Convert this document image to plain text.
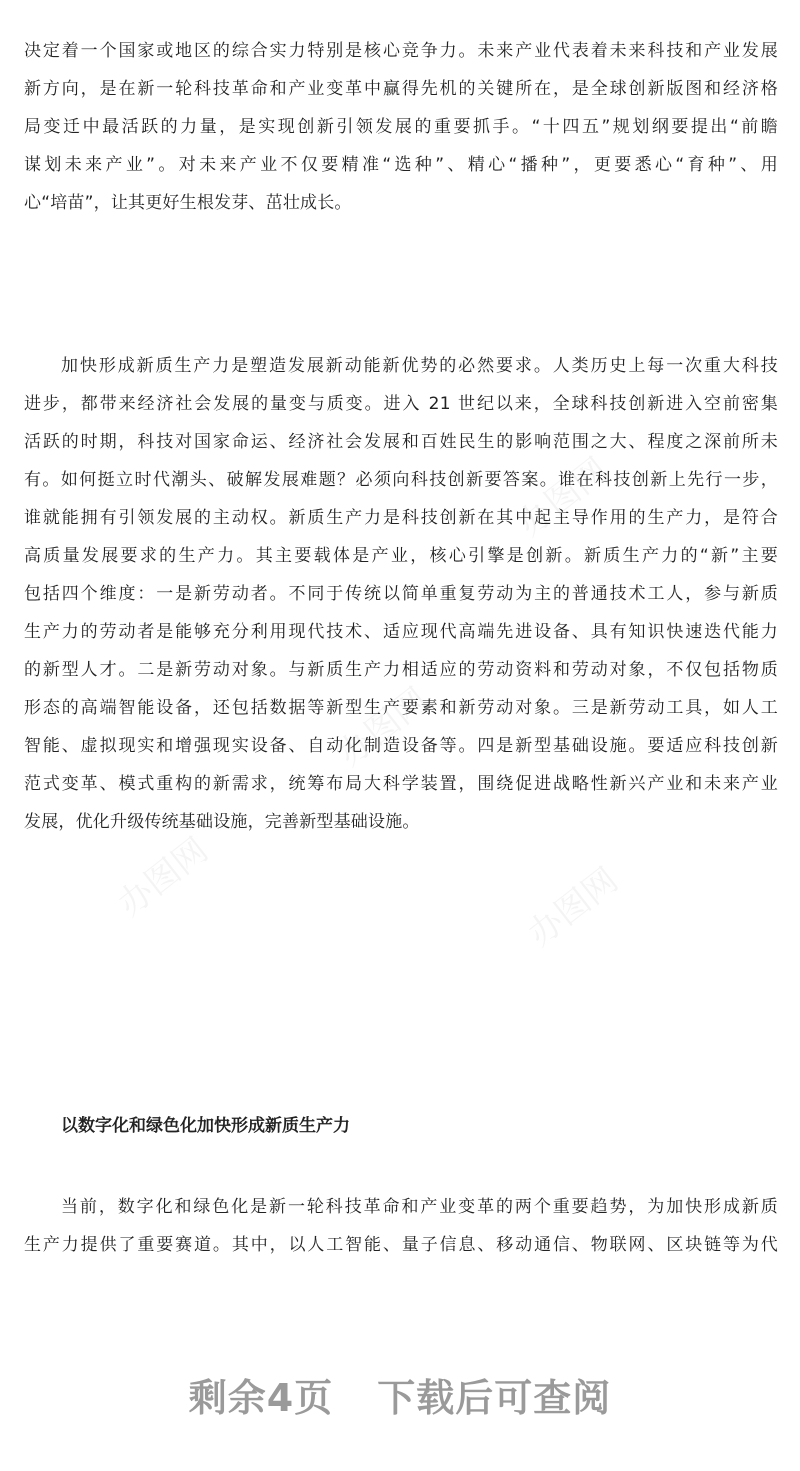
办图网
办图网
办图网	办图网
决定着一个国家或地区的综合实力特别是核心竞争力。未来产业代表着未来科技和产业发展
新方向，是在新一轮科技革命和产业变革中赢得先机的关键所在，是全球创新版图和经济格
局变迁中最活跃的力量，是实现创新引领发展的重要抓手。“十四五”规划纲要提出“前瞻
谋划未来产业”。对未来产业不仅要精准“选种”、精心“播种”，更要悉心“育种”、用
心“培苗”，让其更好生根发芽、茁壮成长。
加快形成新质生产力是塑造发展新动能新优势的必然要求。人类历史上每一次重大科技
进步，都带来经济社会发展的量变与质变。进入 21 世纪以来，全球科技创新进入空前密集
活跃的时期，科技对国家命运、经济社会发展和百姓民生的影响范围之大、程度之深前所未
有。如何挺立时代潮头、破解发展难题？必须向科技创新要答案。谁在科技创新上先行一步，
谁就能拥有引领发展的主动权。新质生产力是科技创新在其中起主导作用的生产力，是符合
高质量发展要求的生产力。其主要载体是产业，核心引擎是创新。新质生产力的“新”主要
包括四个维度：一是新劳动者。不同于传统以简单重复劳动为主的普通技术工人，参与新质
生产力的劳动者是能够充分利用现代技术、适应现代高端先进设备、具有知识快速迭代能力
的新型人才。二是新劳动对象。与新质生产力相适应的劳动资料和劳动对象，不仅包括物质
形态的高端智能设备，还包括数据等新型生产要素和新劳动对象。三是新劳动工具，如人工
智能、虚拟现实和增强现实设备、自动化制造设备等。四是新型基础设施。要适应科技创新
范式变革、模式重构的新需求，统筹布局大科学装置，围绕促进战略性新兴产业和未来产业
发展，优化升级传统基础设施，完善新型基础设施。
以数字化和绿色化加快形成新质生产力
当前，数字化和绿色化是新一轮科技革命和产业变革的两个重要趋势，为加快形成新质
生产力提供了重要赛道。其中，以人工智能、量子信息、移动通信、物联网、区块链等为代
剩余4页 下载后可查阅
